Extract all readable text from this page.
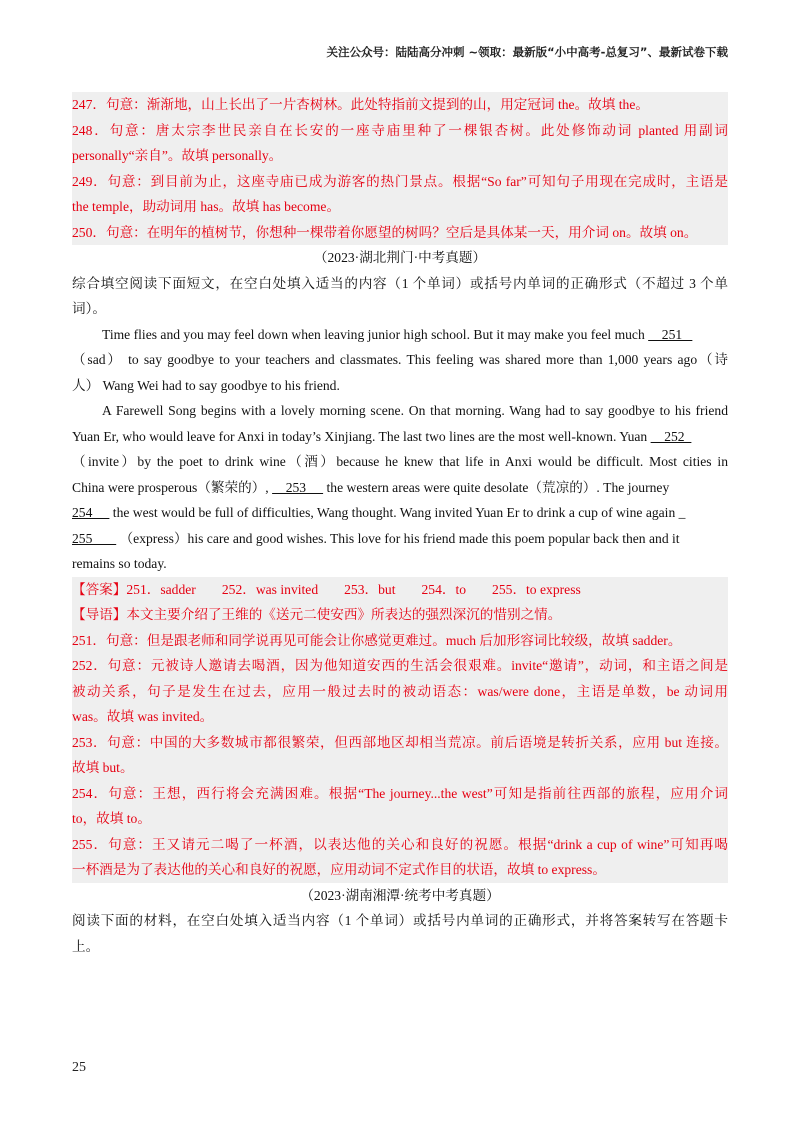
关注公众号：陆陆高分冲刺 ~领取：最新版“小中高考-总复习”、最新试卷下载
247．句意：渐渐地，山上长出了一片杏树林。此处特指前文提到的山，用定冠词 the。故填 the。
248．句意：唐太宗李世民亲自在长安的一座寺庙里种了一棵银杏树。此处修饰动词 planted 用副词
personally“亲自”。故填 personally。
249．句意：到目前为止，这座寺庙已成为游客的热门景点。根据“So far”可知句子用现在完成时，主语是
the temple，助动词用 has。故填 has become。
250．句意：在明年的植树节，你想种一棵带着你愿望的树吗？空后是具体某一天，用介词 on。故填 on。
（2023·湖北荆门·中考真题）
综合填空阅读下面短文，在空白处填入适当的内容（1 个单词）或括号内单词的正确形式（不超过 3 个单
词）。
Time flies and you may feel down when leaving junior high school. But it may make you feel much     251
（sad） to say goodbye to your teachers and classmates. This feeling was shared more than 1,000 years ago（诗
人） Wang Wei had to say goodbye to his friend.
A Farewell Song begins with a lovely morning scene. On that morning. Wang had to say goodbye to his friend
Yuan Er, who would leave for Anxi in today’s Xinjiang. The last two lines are the most well-known. Yuan     252
（invite）by the poet to drink wine（酒）because he knew that life in Anxi would be difficult. Most cities in
China were prosperous（繁荣的）,     253      the western areas were quite desolate（荒凉的）. The journey
254      the west would be full of difficulties, Wang thought. Wang invited Yuan Er to drink a cup of wine again _
255        （express）his care and good wishes. This love for his friend made this poem popular back then and it
remains so today.
【答案】251．sadder 252．was invited 253．but 254．to 255．to express
【导语】本文主要介绍了王维的《送元二使安西》所表达的强烈深沉的惜别之情。
251．句意：但是跟老师和同学说再见可能会让你感觉更难过。much 后加形容词比较级，故填 sadder。
252．句意：元被诗人邀请去喝酒，因为他知道安西的生活会很艰难。invite“邀请”，动词，和主语之间是
被动关系，句子是发生在过去，应用一般过去时的被动语态：was/were done，主语是单数，be 动词用
was。故填 was invited。
253．句意：中国的大多数城市都很繁荣，但西部地区却相当荒凉。前后语境是转折关系，应用 but 连接。
故填 but。
254．句意：王想，西行将会充满困难。根据“The journey...the west”可知是指前往西部的旅程，应用介词
to，故填 to。
255．句意：王又请元二喝了一杯酒，以表达他的关心和良好的祝愿。根据“drink a cup of wine”可知再喝
一杯酒是为了表达他的关心和良好的祝愿，应用动词不定式作目的状语，故填 to express。
（2023·湖南湘潭·统考中考真题）
阅读下面的材料，在空白处填入适当内容（1 个单词）或括号内单词的正确形式，并将答案转写在答题卡
上。
25
